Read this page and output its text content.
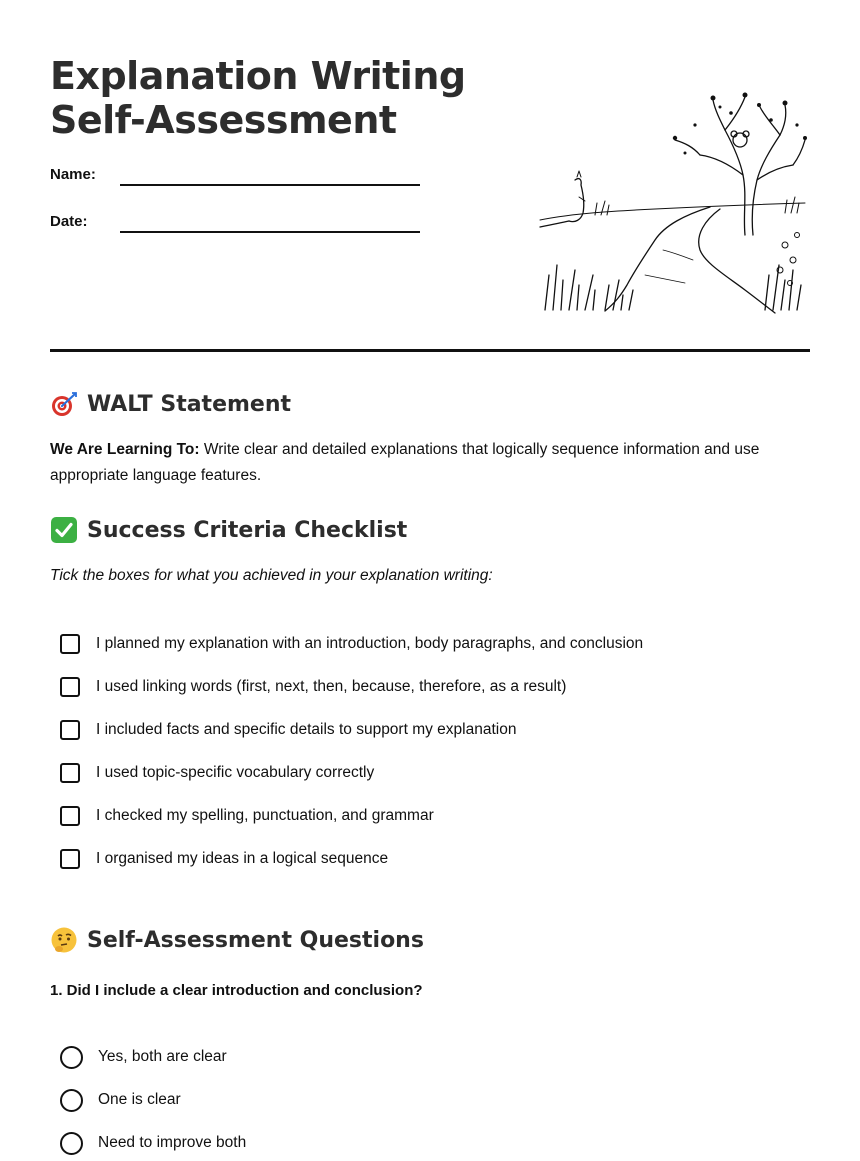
Explanation Writing
Self-Assessment
Name:
Date:
WALT Statement

We Are Learning To: Write clear and detailed explanations that logically sequence information and use appropriate language features.

Success Criteria Checklist

Tick the boxes for what you achieved in your explanation writing:

I planned my explanation with an introduction, body paragraphs, and conclusion
I used linking words (first, next, then, because, therefore, as a result)
I included facts and specific details to support my explanation
I used topic-specific vocabulary correctly
I checked my spelling, punctuation, and grammar
I organised my ideas in a logical sequence
Self-Assessment Questions
1. Did I include a clear introduction and conclusion?
Yes, both are clear
One is clear
Need to improve both
